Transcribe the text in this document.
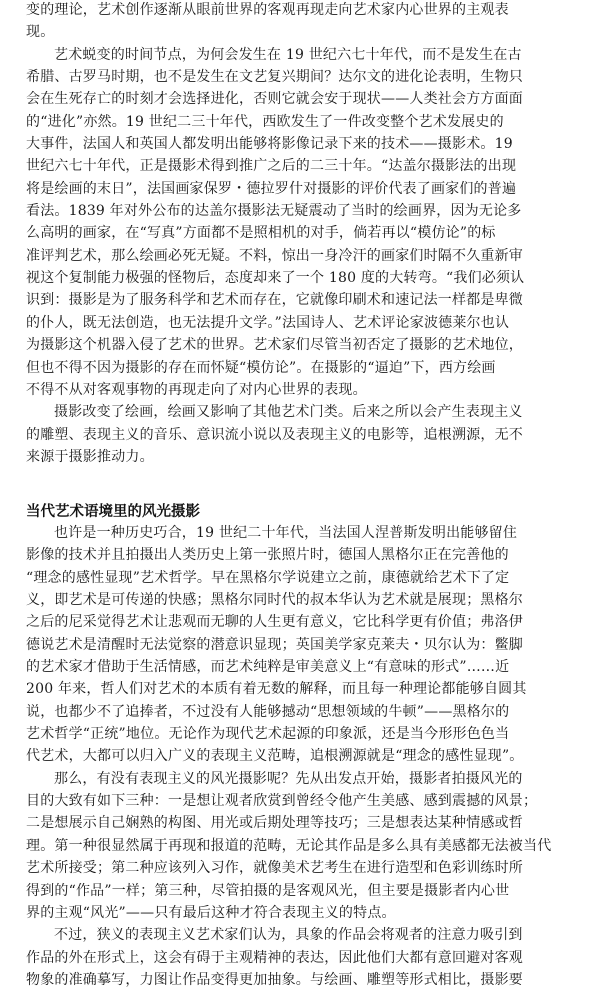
变的理论，艺术创作逐渐从眼前世界的客观再现走向艺术家内心世界的主观表
现。

艺术蜕变的时间节点，为何会发生在 19 世纪六七十年代，而不是发生在古
希腊、古罗马时期，也不是发生在文艺复兴期间？达尔文的进化论表明，生物只
会在生死存亡的时刻才会选择进化，否则它就会安于现状——人类社会方方面面
的“进化”亦然。19 世纪二三十年代，西欧发生了一件改变整个艺术发展史的
大事件，法国人和英国人都发明出能够将影像记录下来的技术——摄影术。19
世纪六七十年代，正是摄影术得到推广之后的二三十年。“达盖尔摄影法的出现
将是绘画的末日”，法国画家保罗・德拉罗什对摄影的评价代表了画家们的普遍
看法。1839 年对外公布的达盖尔摄影法无疑震动了当时的绘画界，因为无论多
么高明的画家，在“写真”方面都不是照相机的对手，倘若再以“模仿论”的标
准评判艺术，那么绘画必死无疑。不料，惊出一身冷汗的画家们时隔不久重新审
视这个复制能力极强的怪物后，态度却来了一个 180 度的大转弯。“我们必须认
识到：摄影是为了服务科学和艺术而存在，它就像印刷术和速记法一样都是卑微
的仆人，既无法创造，也无法提升文学。”法国诗人、艺术评论家波德莱尔也认
为摄影这个机器入侵了艺术的世界。艺术家们尽管当初否定了摄影的艺术地位，
但也不得不因为摄影的存在而怀疑“模仿论”。在摄影的“逼迫”下，西方绘画
不得不从对客观事物的再现走向了对内心世界的表现。

摄影改变了绘画，绘画又影响了其他艺术门类。后来之所以会产生表现主义
的雕塑、表现主义的音乐、意识流小说以及表现主义的电影等，追根溯源，无不
来源于摄影推动力。

当代艺术语境里的风光摄影

也许是一种历史巧合，19 世纪二十年代，当法国人涅普斯发明出能够留住
影像的技术并且拍摄出人类历史上第一张照片时，德国人黑格尔正在完善他的
“理念的感性显现”艺术哲学。早在黑格尔学说建立之前，康德就给艺术下了定
义，即艺术是可传递的快感；黑格尔同时代的叔本华认为艺术就是展现；黑格尔
之后的尼采觉得艺术让悲观而无聊的人生更有意义，它比科学更有价值；弗洛伊
德说艺术是清醒时无法觉察的潜意识显现；英国美学家克莱夫・贝尔认为：鳖脚
的艺术家才借助于生活情感，而艺术纯粹是审美意义上“有意味的形式”……近
200 年来，哲人们对艺术的本质有着无数的解释，而且每一种理论都能够自圆其
说，也都少不了追捧者，不过没有人能够撼动“思想领域的牛顿”——黑格尔的
艺术哲学“正统”地位。无论作为现代艺术起源的印象派，还是当今形形色色当
代艺术，大都可以归入广义的表现主义范畴，追根溯源就是“理念的感性显现”。

那么，有没有表现主义的风光摄影呢？先从出发点开始，摄影者拍摄风光的
目的大致有如下三种：一是想让观者欣赏到曾经令他产生美感、感到震撼的风景；
二是想展示自己娴熟的构图、用光或后期处理等技巧；三是想表达某种情感或哲
理。第一种很显然属于再现和报道的范畴，无论其作品是多么具有美感都无法被当代
艺术所接受；第二种应该列入习作，就像美术艺考生在进行造型和色彩训练时所
得到的“作品”一样；第三种，尽管拍摄的是客观风光，但主要是摄影者内心世
界的主观“风光”——只有最后这种才符合表现主义的特点。

不过，狭义的表现主义艺术家们认为，具象的作品会将观者的注意力吸引到
作品的外在形式上，这会有碍于主观精神的表达，因此他们大都有意回避对客观
物象的准确摹写，力图让作品变得更加抽象。与绘画、雕塑等形式相比，摄影要
